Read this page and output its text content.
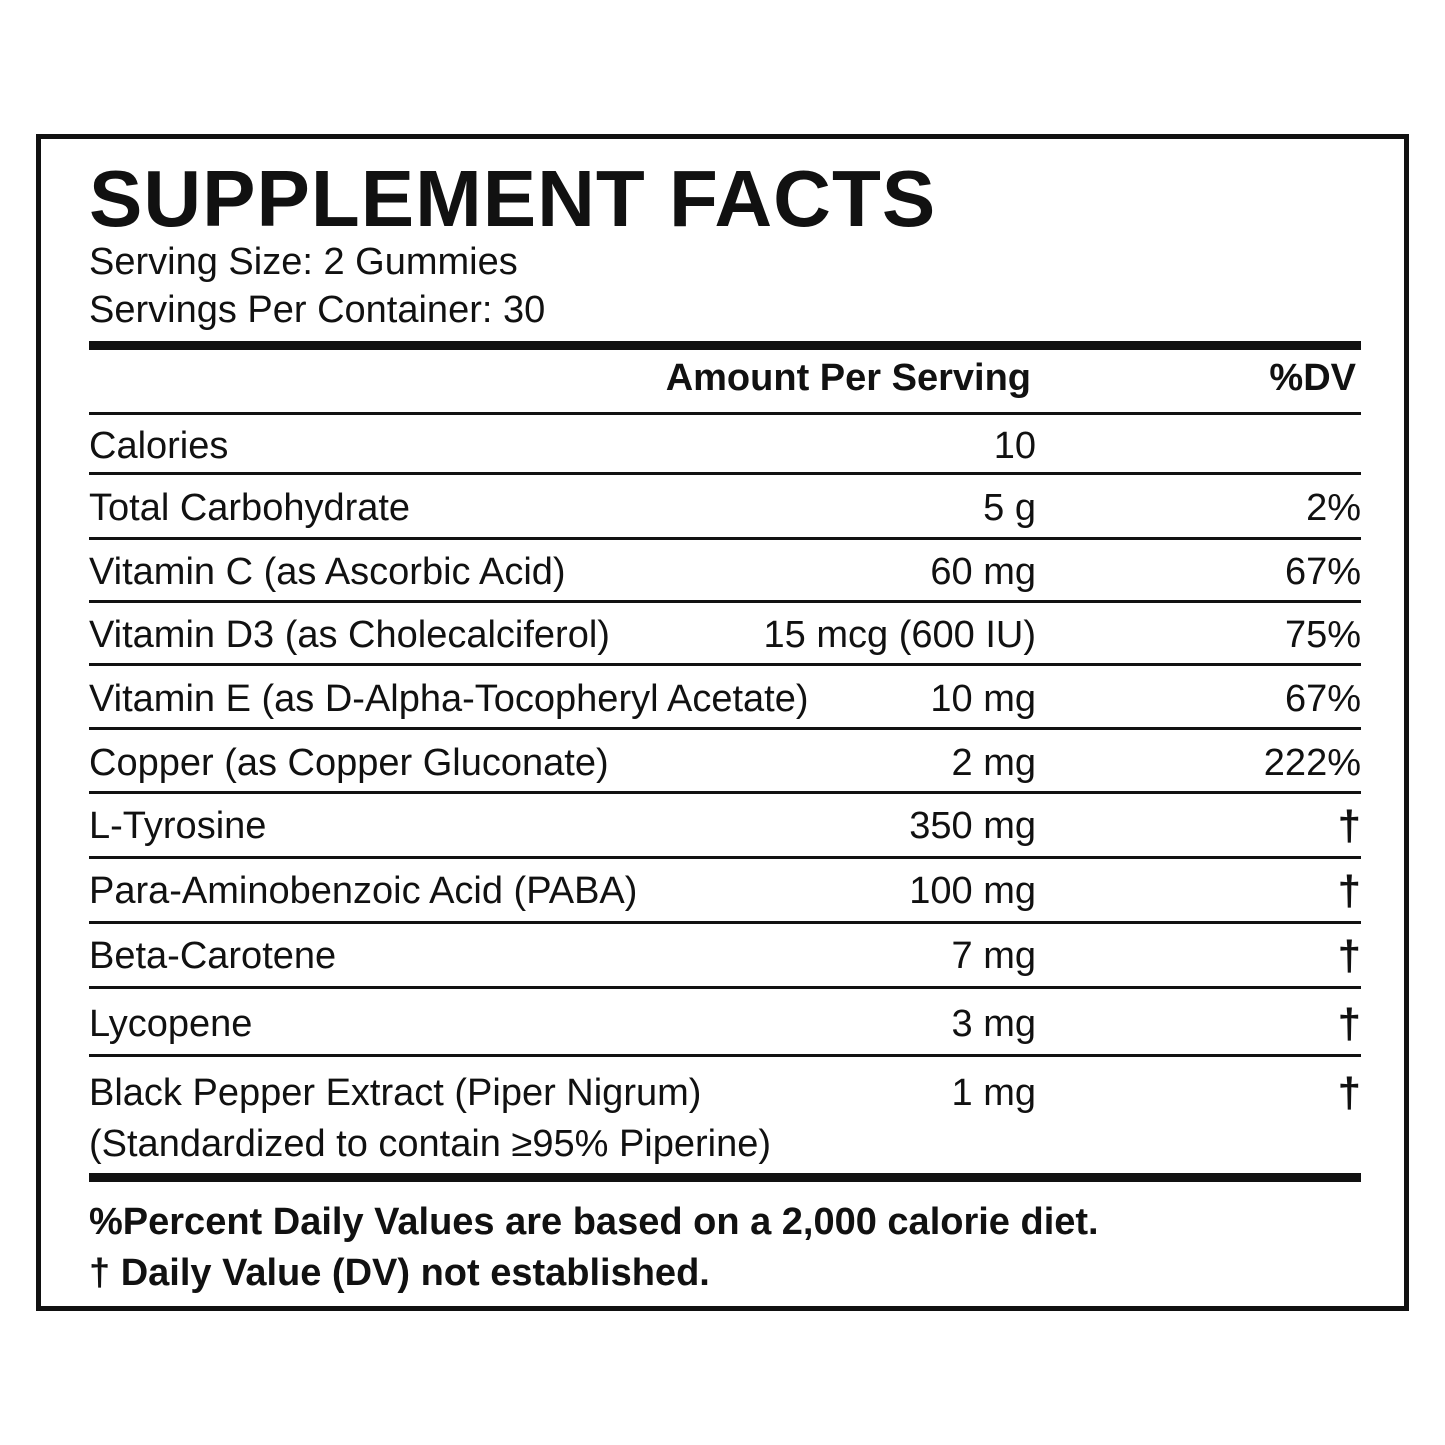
SUPPLEMENT FACTS
Serving Size: 2 Gummies
Servings Per Container: 30
Amount Per Serving	%DV
Calories	10
Total Carbohydrate	5 g	2%
Vitamin C (as Ascorbic Acid)	60 mg	67%
Vitamin D3 (as Cholecalciferol)	15 mcg (600 IU)	75%
Vitamin E (as D-Alpha-Tocopheryl Acetate)	10 mg	67%
Copper (as Copper Gluconate)	2 mg	222%
L-Tyrosine	350 mg	†
Para-Aminobenzoic Acid (PABA)	100 mg	†
Beta-Carotene	7 mg	†
Lycopene	3 mg	†
Black Pepper Extract (Piper Nigrum)
(Standardized to contain ≥95% Piperine)
1 mg	†
%Percent Daily Values are based on a 2,000 calorie diet.
† Daily Value (DV) not established.
